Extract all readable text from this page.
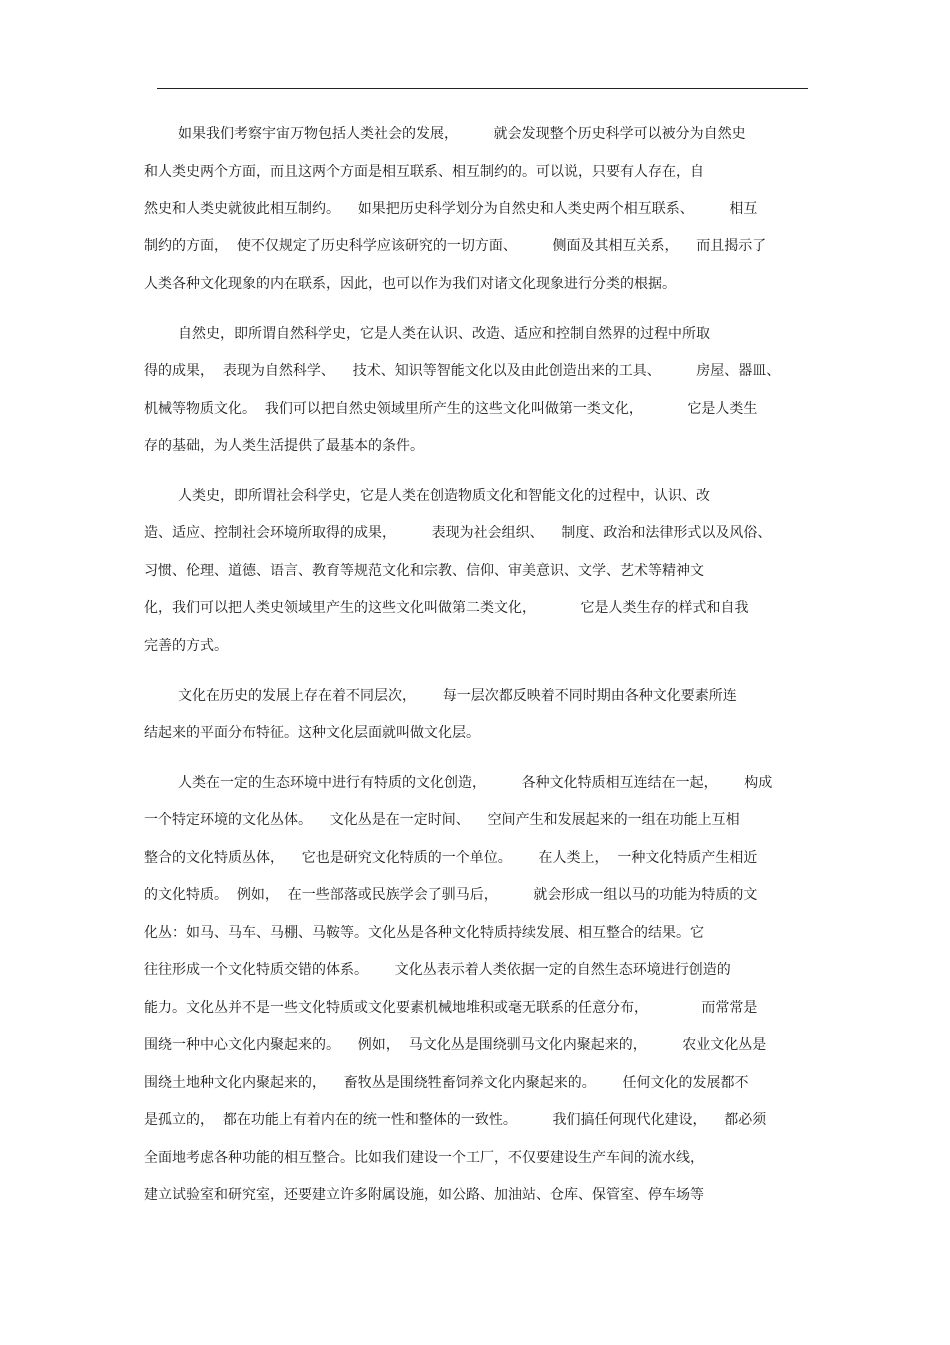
如果我们考察宇宙万物包括人类社会的发展，        就会发现整个历史科学可以被分为自然史
和人类史两个方面，而且这两个方面是相互联系、相互制约的。可以说，只要有人存在，自
然史和人类史就彼此相互制约。    如果把历史科学划分为自然史和人类史两个相互联系、        相互
制约的方面，  使不仅规定了历史科学应该研究的一切方面、        侧面及其相互关系，    而且揭示了
人类各种文化现象的内在联系，因此，也可以作为我们对诸文化现象进行分类的根据。
自然史，即所谓自然科学史，它是人类在认识、改造、适应和控制自然界的过程中所取
得的成果，  表现为自然科学、    技术、知识等智能文化以及由此创造出来的工具、        房屋、器皿、
机械等物质文化。  我们可以把自然史领域里所产生的这些文化叫做第一类文化，          它是人类生
存的基础，为人类生活提供了最基本的条件。
人类史，即所谓社会科学史，它是人类在创造物质文化和智能文化的过程中，认识、改
造、适应、控制社会环境所取得的成果，        表现为社会组织、    制度、政治和法律形式以及风俗、
习惯、伦理、道德、语言、教育等规范文化和宗教、信仰、审美意识、文学、艺术等精神文
化，我们可以把人类史领域里产生的这些文化叫做第二类文化，          它是人类生存的样式和自我
完善的方式。
文化在历史的发展上存在着不同层次，      每一层次都反映着不同时期由各种文化要素所连
结起来的平面分布特征。这种文化层面就叫做文化层。
人类在一定的生态环境中进行有特质的文化创造，        各种文化特质相互连结在一起，      构成
一个特定环境的文化丛体。    文化丛是在一定时间、    空间产生和发展起来的一组在功能上互相
整合的文化特质丛体，    它也是研究文化特质的一个单位。      在人类上，  一种文化特质产生相近
的文化特质。  例如，  在一些部落或民族学会了驯马后，        就会形成一组以马的功能为特质的文
化丛：如马、马车、马棚、马鞍等。文化丛是各种文化特质持续发展、相互整合的结果。它
往往形成一个文化特质交错的体系。      文化丛表示着人类依据一定的自然生态环境进行创造的
能力。文化丛并不是一些文化特质或文化要素机械地堆积或毫无联系的任意分布，            而常常是
围绕一种中心文化内聚起来的。    例如，  马文化丛是围绕驯马文化内聚起来的，        农业文化丛是
围绕土地种文化内聚起来的，    畜牧丛是围绕牲畜饲养文化内聚起来的。      任何文化的发展都不
是孤立的，  都在功能上有着内在的统一性和整体的一致性。        我们搞任何现代化建设，    都必须
全面地考虑各种功能的相互整合。比如我们建设一个工厂，不仅要建设生产车间的流水线，
建立试验室和研究室，还要建立许多附属设施，如公路、加油站、仓库、保管室、停车场等
